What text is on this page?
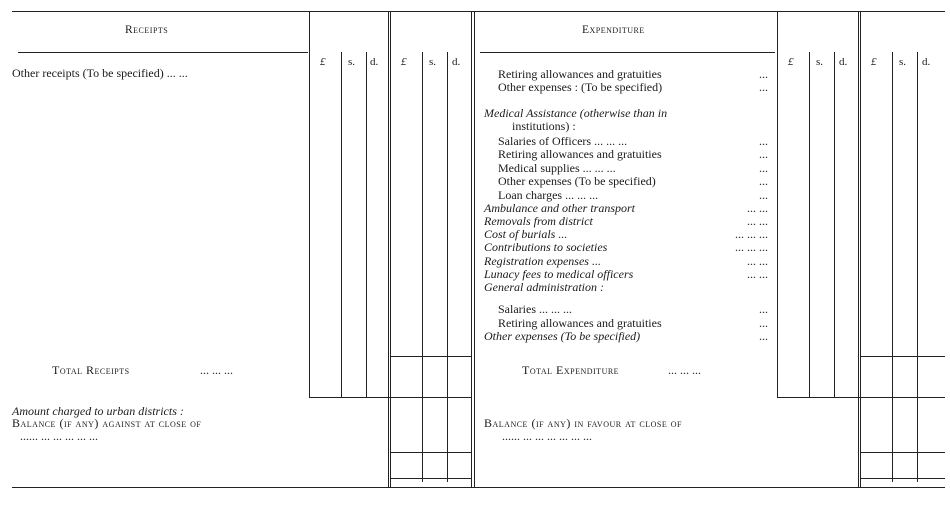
Receipts	Expenditure
£ s. d. £ s. d.	£ s. d. £ s. d.
Other receipts (To be specified) ... ...
Total Receipts	... ... ...
Amount charged to urban districts :
Balance (if any) against at close of
...... ... ... ... ... ...
Retiring allowances and gratuities	...
Other expenses : (To be specified)	...
Medical Assistance (otherwise than in
institutions) :
Salaries of Officers ... ... ...	...
Retiring allowances and gratuities	...
Medical supplies ... ... ...	...
Other expenses (To be specified)	...
Loan charges ... ... ...	...
Ambulance and other transport	... ...
Removals from district	... ...
Cost of burials ...	... ... ...
Contributions to societies	... ... ...
Registration expenses ...	... ...
Lunacy fees to medical officers	... ...
General administration :
Salaries ... ... ...	...
Retiring allowances and gratuities	...
Other expenses (To be specified)	...
Total Expenditure	... ... ...
Balance (if any) in favour at close of
...... ... ... ... ... ... ...
